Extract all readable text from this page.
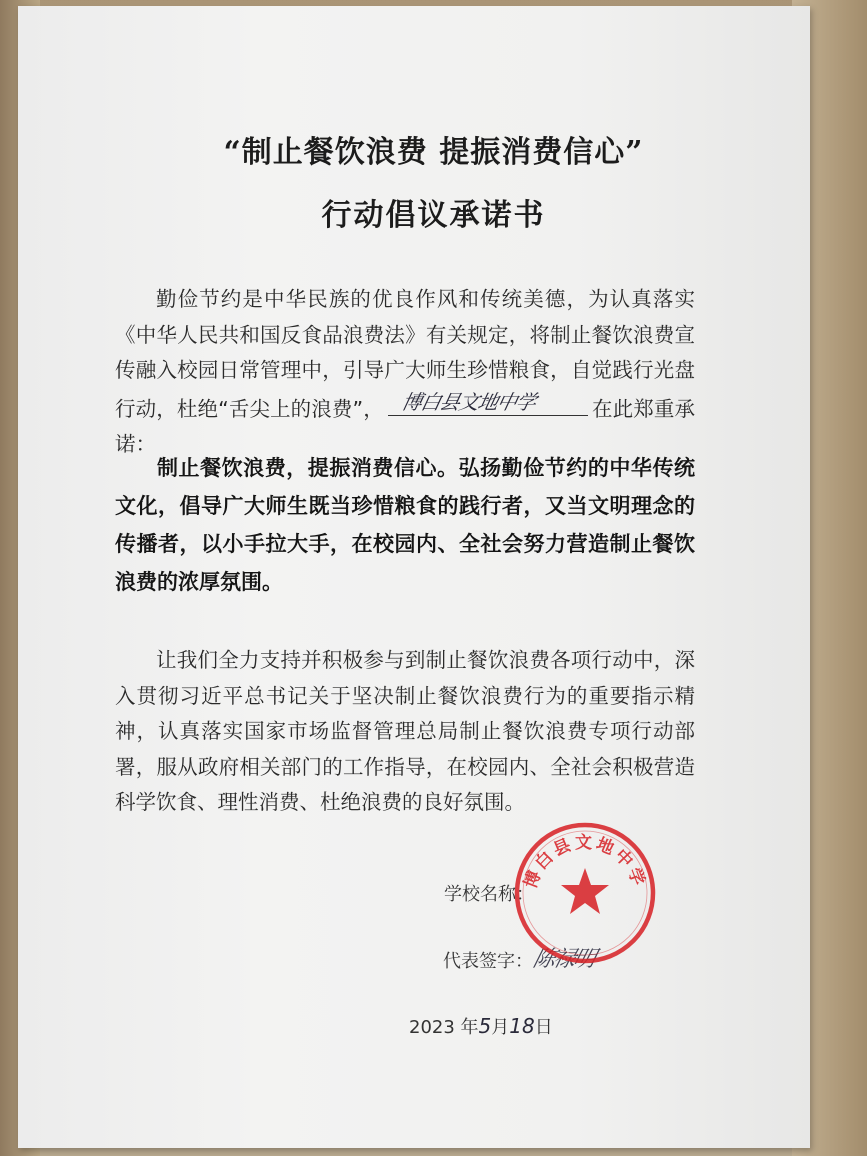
“制止餐饮浪费 提振消费信心”
行动倡议承诺书

勤俭节约是中华民族的优良作风和传统美德，为认真落实《中华人民共和国反食品浪费法》有关规定，将制止餐饮浪费宣传融入校园日常管理中，引导广大师生珍惜粮食，自觉践行光盘行动，杜绝“舌尖上的浪费”， 博白县文地中学	在此郑重承诺：

制止餐饮浪费，提振消费信心。弘扬勤俭节约的中华传统文化，倡导广大师生既当珍惜粮食的践行者，又当文明理念的传播者，以小手拉大手，在校园内、全社会努力营造制止餐饮浪费的浓厚氛围。

让我们全力支持并积极参与到制止餐饮浪费各项行动中，深入贯彻习近平总书记关于坚决制止餐饮浪费行为的重要指示精神，认真落实国家市场监督管理总局制止餐饮浪费专项行动部署，服从政府相关部门的工作指导，在校园内、全社会积极营造科学饮食、理性消费、杜绝浪费的良好氛围。

学校名称：
代表签字：
陈禄明
2023 年5月18日
博白县文地中学
